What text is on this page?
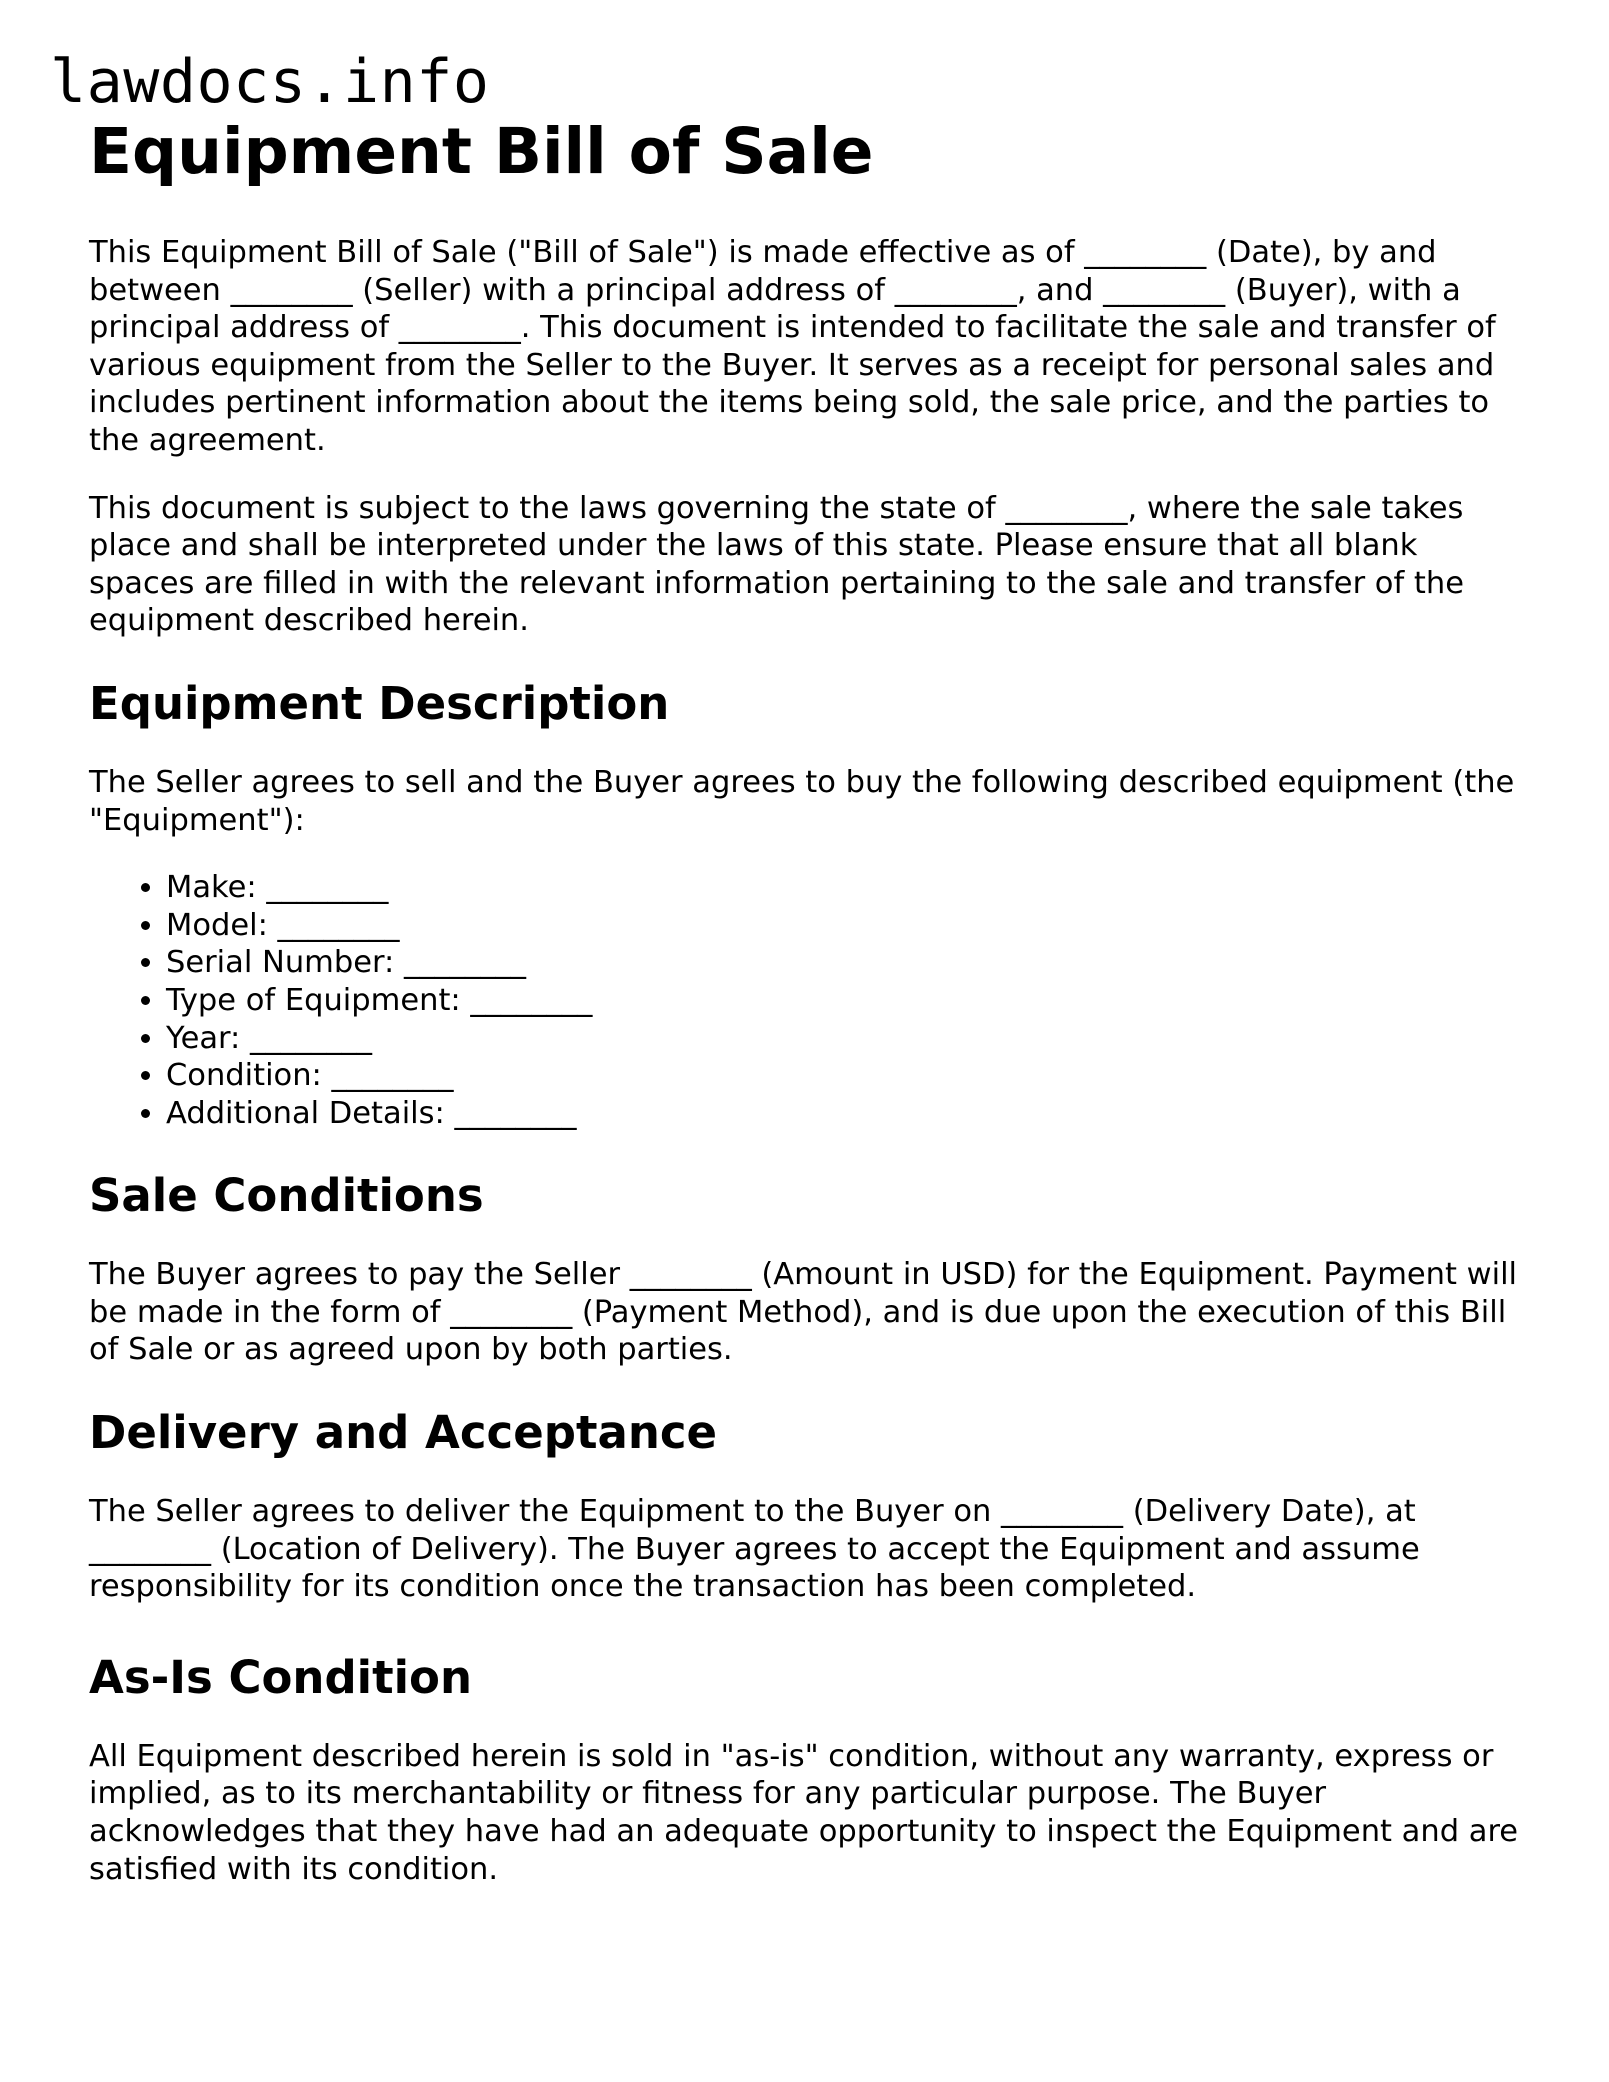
lawdocs.info
Equipment Bill of Sale

This Equipment Bill of Sale ("Bill of Sale") is made effective as of ________ (Date), by and between ________ (Seller) with a principal address of ________, and ________ (Buyer), with a principal address of ________. This document is intended to facilitate the sale and transfer of various equipment from the Seller to the Buyer. It serves as a receipt for personal sales and includes pertinent information about the items being sold, the sale price, and the parties to the agreement.

This document is subject to the laws governing the state of ________, where the sale takes place and shall be interpreted under the laws of this state. Please ensure that all blank spaces are filled in with the relevant information pertaining to the sale and transfer of the equipment described herein.

Equipment Description

The Seller agrees to sell and the Buyer agrees to buy the following described equipment (the "Equipment"):

• Make: ________
• Model: ________
• Serial Number: ________
• Type of Equipment: ________
• Year: ________
• Condition: ________
• Additional Details: ________
Sale Conditions

The Buyer agrees to pay the Seller ________ (Amount in USD) for the Equipment. Payment will be made in the form of ________ (Payment Method), and is due upon the execution of this Bill of Sale or as agreed upon by both parties.

Delivery and Acceptance

The Seller agrees to deliver the Equipment to the Buyer on ________ (Delivery Date), at ________ (Location of Delivery). The Buyer agrees to accept the Equipment and assume responsibility for its condition once the transaction has been completed.

As-Is Condition

All Equipment described herein is sold in "as-is" condition, without any warranty, express or implied, as to its merchantability or fitness for any particular purpose. The Buyer acknowledges that they have had an adequate opportunity to inspect the Equipment and are satisfied with its condition.
